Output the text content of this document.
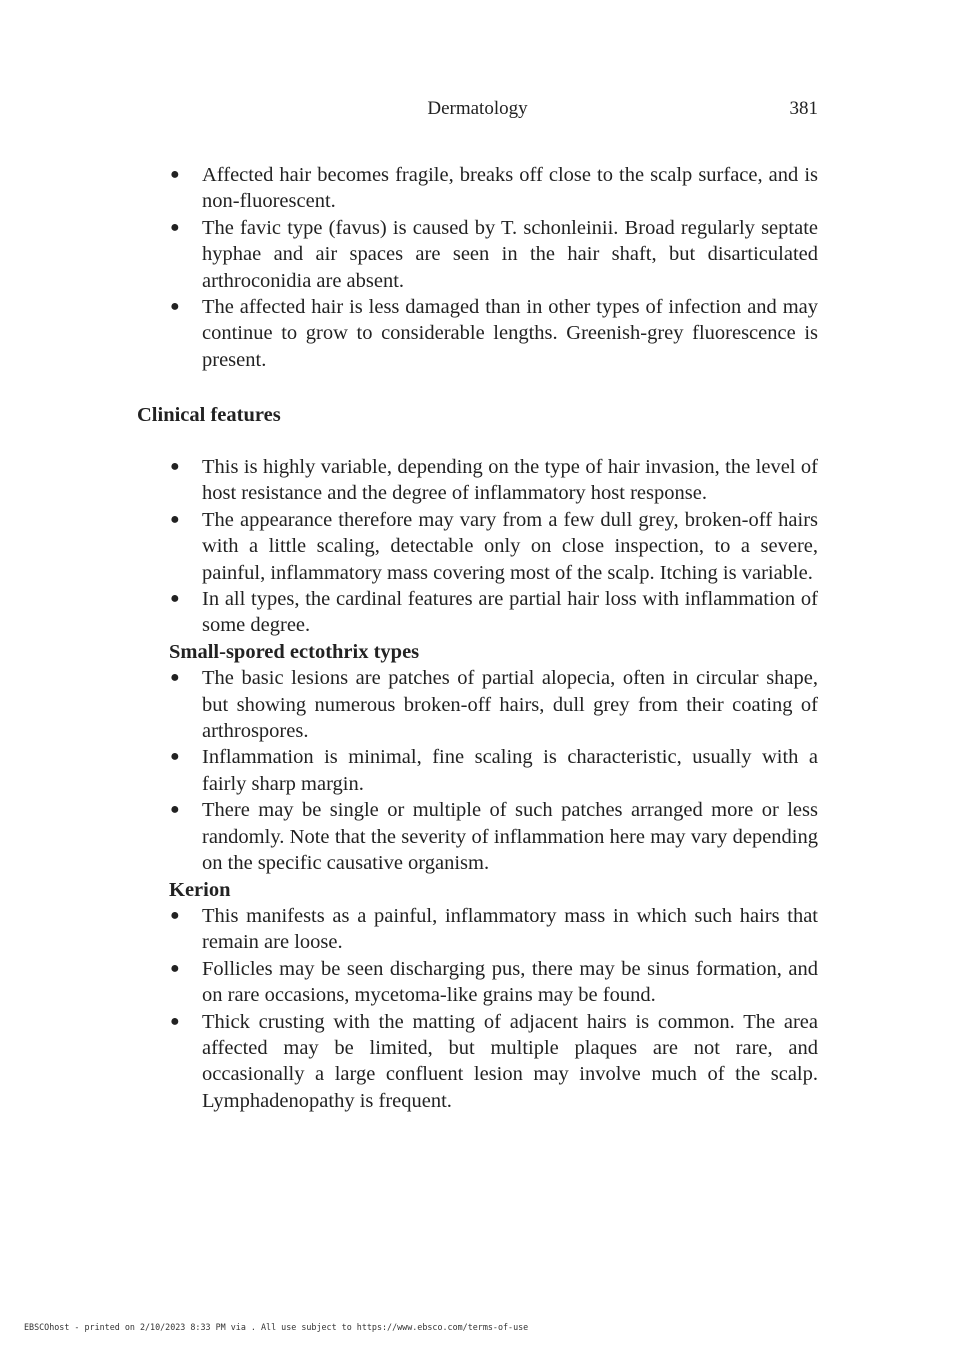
Dermatology	381
● Affected hair becomes fragile, breaks off close to the scalp surface, and is non-fluorescent.
● The favic type (favus) is caused by T. schonleinii. Broad regularly septate hyphae and air spaces are seen in the hair shaft, but disarticulated arthroconidia are absent.
● The affected hair is less damaged than in other types of infection and may continue to grow to considerable lengths. Greenish-grey fluorescence is present.
Clinical features
● This is highly variable, depending on the type of hair invasion, the level of host resistance and the degree of inflammatory host response.
● The appearance therefore may vary from a few dull grey, broken-off hairs with a little scaling, detectable only on close inspection, to a severe, painful, inflammatory mass covering most of the scalp. Itching is variable.
● In all types, the cardinal features are partial hair loss with inflammation of some degree.
Small-spored ectothrix types
● The basic lesions are patches of partial alopecia, often in circular shape, but showing numerous broken-off hairs, dull grey from their coating of arthrospores.
● Inflammation is minimal, fine scaling is characteristic, usually with a fairly sharp margin.
● There may be single or multiple of such patches arranged more or less randomly. Note that the severity of inflammation here may vary depending on the specific causative organism.
Kerion
● This manifests as a painful, inflammatory mass in which such hairs that remain are loose.
● Follicles may be seen discharging pus, there may be sinus formation, and on rare occasions, mycetoma-like grains may be found.
● Thick crusting with the matting of adjacent hairs is common. The area affected may be limited, but multiple plaques are not rare, and occasionally a large confluent lesion may involve much of the scalp. Lymphadenopathy is frequent.
EBSCOhost - printed on 2/10/2023 8:33 PM via . All use subject to https://www.ebsco.com/terms-of-use
